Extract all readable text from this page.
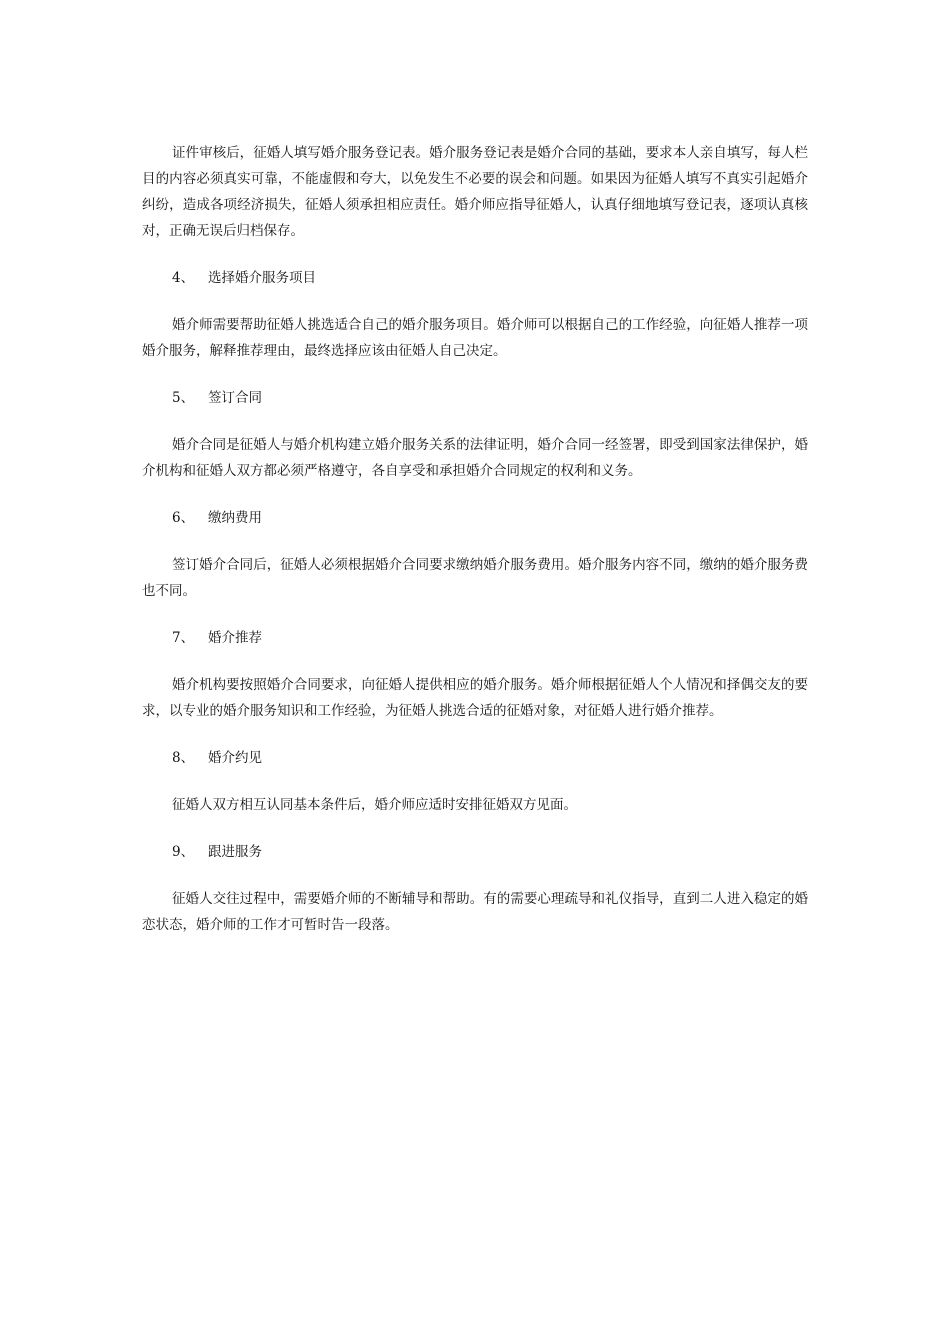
证件审核后，征婚人填写婚介服务登记表。婚介服务登记表是婚介合同的基础，要求本人亲自填写，每人栏目的内容必须真实可靠，不能虚假和夸大，以免发生不必要的误会和问题。如果因为征婚人填写不真实引起婚介纠纷，造成各项经济损失，征婚人须承担相应责任。婚介师应指导征婚人，认真仔细地填写登记表，逐项认真核对，正确无误后归档保存。

4、	选择婚介服务项目

婚介师需要帮助征婚人挑选适合自己的婚介服务项目。婚介师可以根据自己的工作经验，向征婚人推荐一项婚介服务，解释推荐理由，最终选择应该由征婚人自己决定。

5、	签订合同

婚介合同是征婚人与婚介机构建立婚介服务关系的法律证明，婚介合同一经签署，即受到国家法律保护，婚介机构和征婚人双方都必须严格遵守，各自享受和承担婚介合同规定的权利和义务。

6、	缴纳费用

签订婚介合同后，征婚人必须根据婚介合同要求缴纳婚介服务费用。婚介服务内容不同，缴纳的婚介服务费也不同。

7、	婚介推荐

婚介机构要按照婚介合同要求，向征婚人提供相应的婚介服务。婚介师根据征婚人个人情况和择偶交友的要求，以专业的婚介服务知识和工作经验，为征婚人挑选合适的征婚对象，对征婚人进行婚介推荐。

8、	婚介约见

征婚人双方相互认同基本条件后，婚介师应适时安排征婚双方见面。

9、	跟进服务

征婚人交往过程中，需要婚介师的不断辅导和帮助。有的需要心理疏导和礼仪指导，直到二人进入稳定的婚恋状态，婚介师的工作才可暂时告一段落。
